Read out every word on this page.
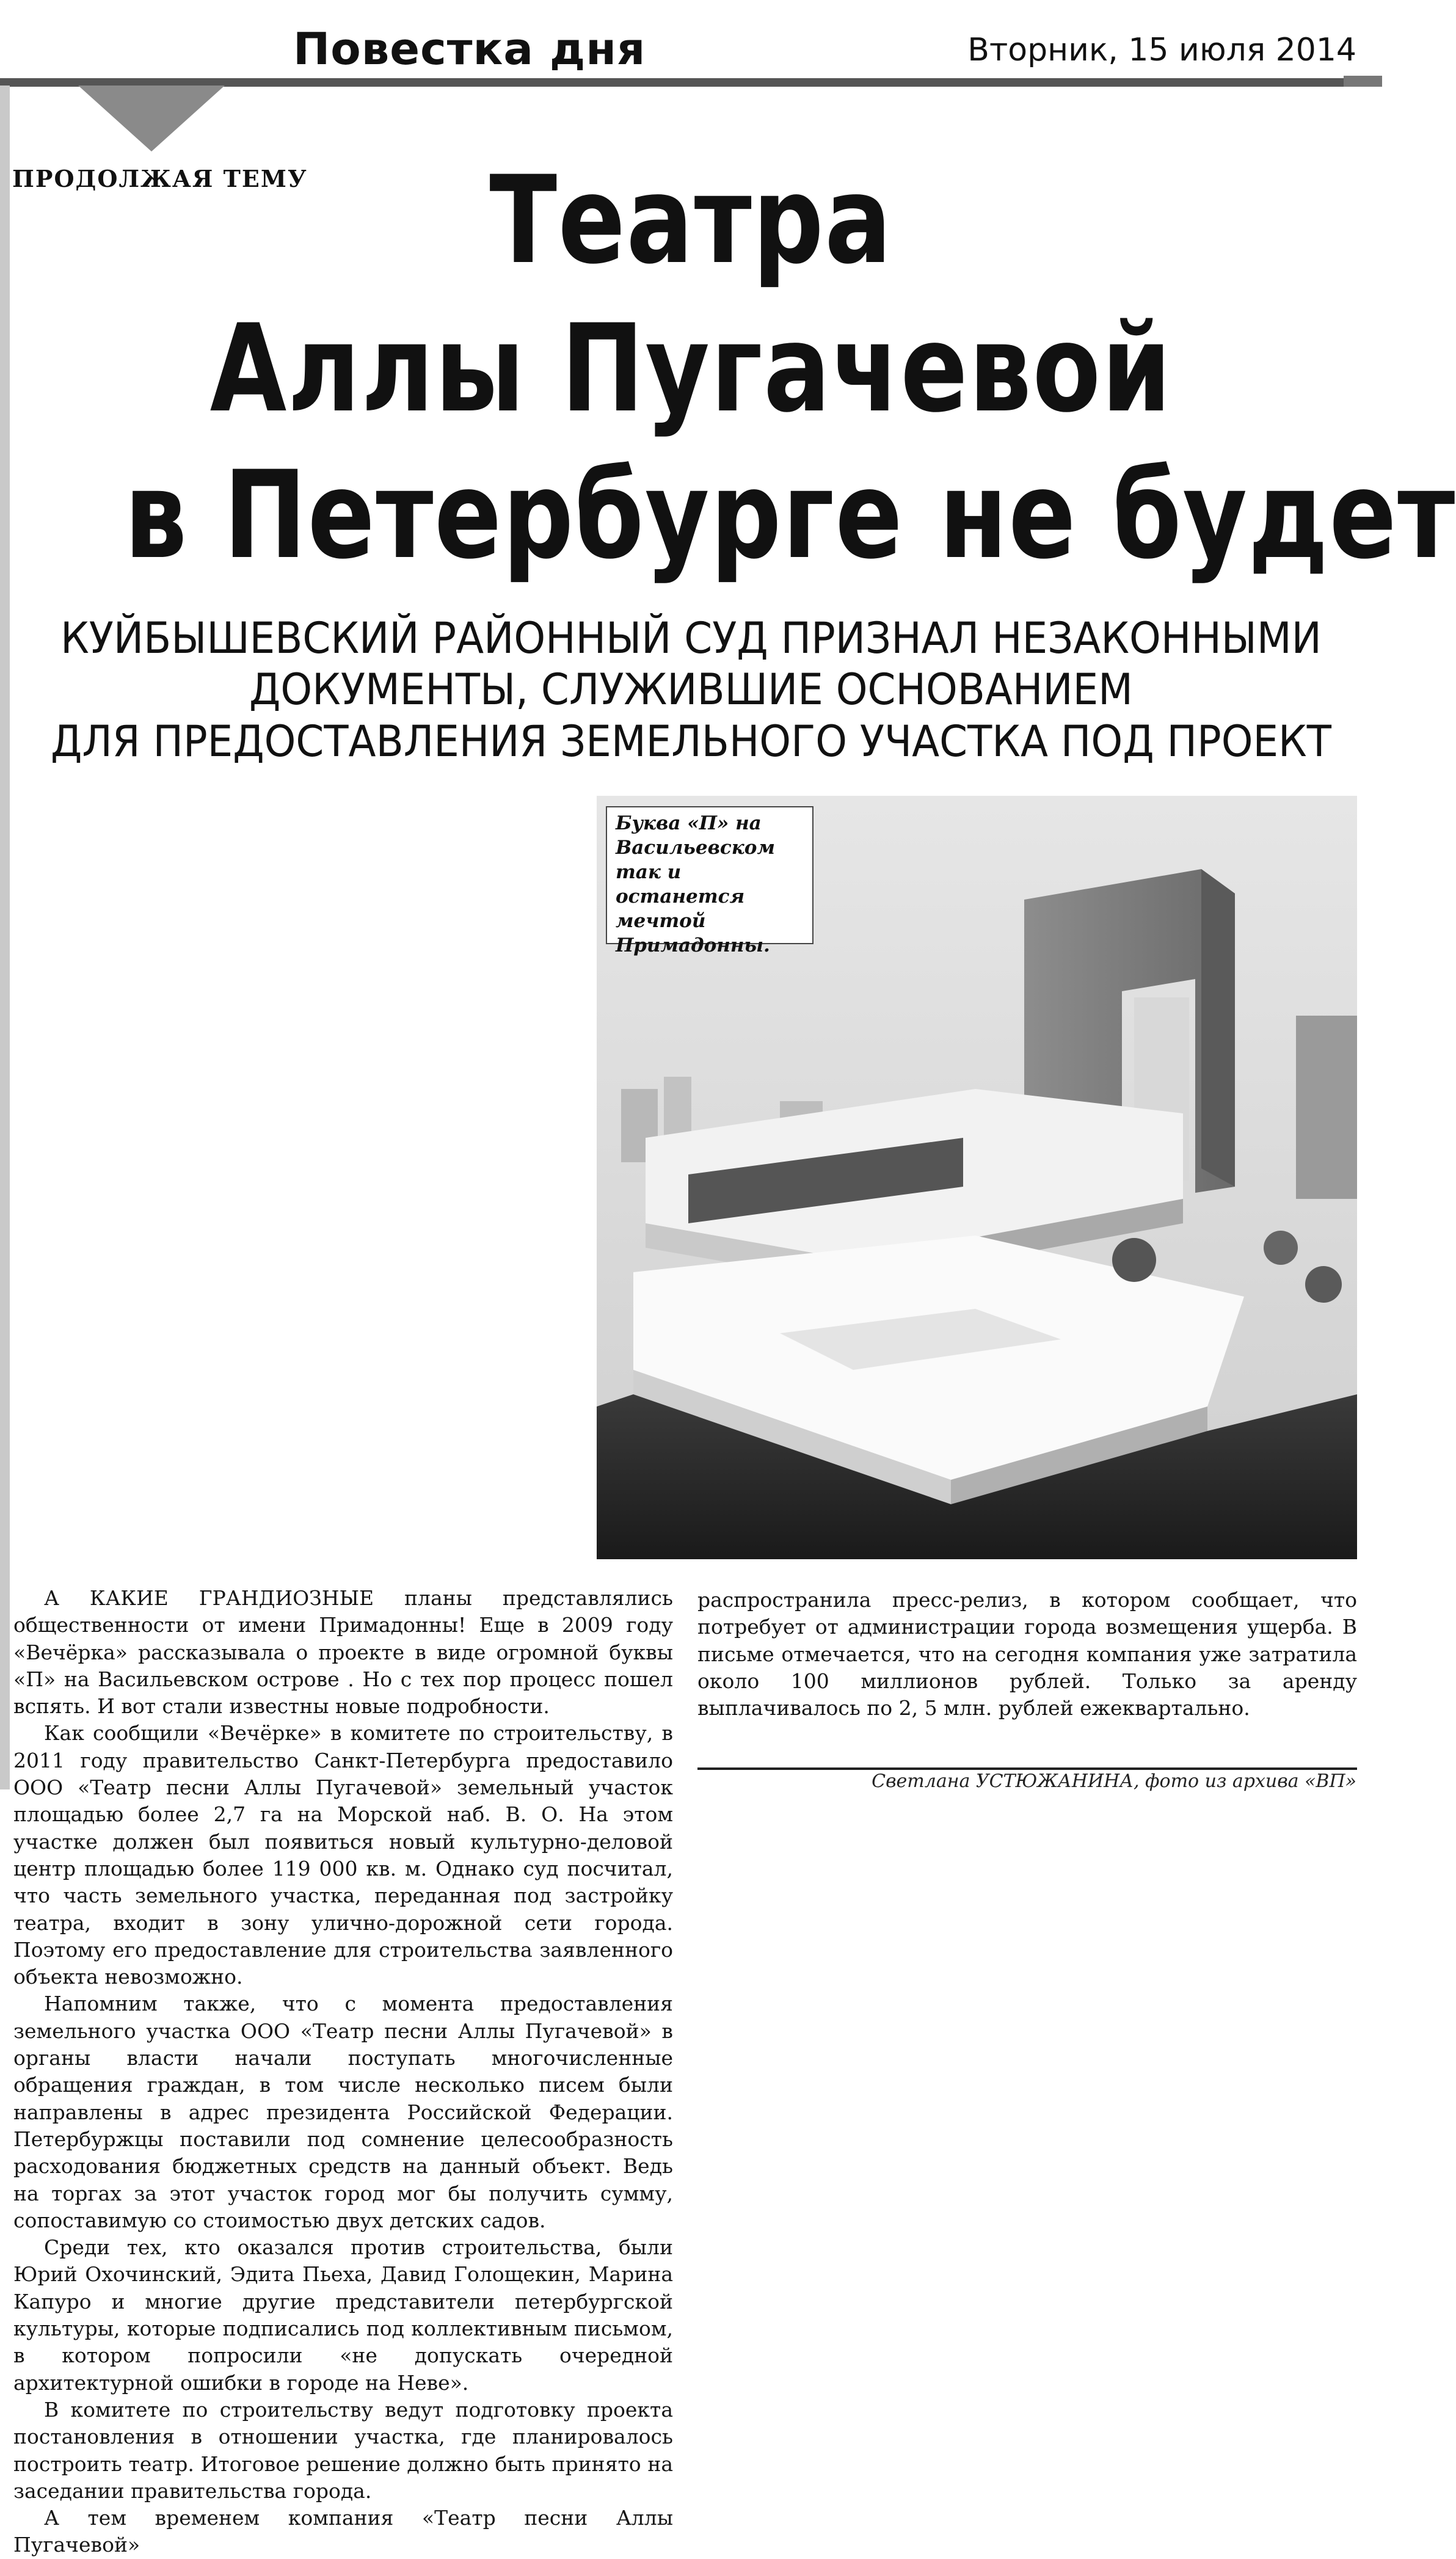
Повестка дня	Вторник, 15 июля 2014
ПРОДОЛЖАЯ ТЕМУ	Театра
Аллы Пугачевой
в Петербурге не будет
КУЙБЫШЕВСКИЙ РАЙОННЫЙ СУД ПРИЗНАЛ НЕЗАКОННЫМИ
ДОКУМЕНТЫ, СЛУЖИВШИЕ ОСНОВАНИЕМ
ДЛЯ ПРЕДОСТАВЛЕНИЯ ЗЕМЕЛЬНОГО УЧАСТКА ПОД ПРОЕКТ

А КАКИЕ ГРАНДИОЗНЫЕ планы представлялись общественности от имени Примадонны! Еще в 2009 году «Вечёрка» рассказывала о проекте в виде огромной буквы «П» на Васильевском острове . Но с тех пор процесс пошел вспять. И вот стали известны новые подробности.

Как сообщили «Вечёрке» в комитете по строительству, в 2011 году правительство Санкт-Петербурга предоставило ООО «Театр песни Аллы Пугачевой» земельный участок площадью более 2,7 га на Морской наб. В. О. На этом участке должен был появиться новый культурно-деловой центр площадью более 119 000 кв. м. Однако суд посчитал, что часть земельного участка, переданная под застройку театра, входит в зону улично-дорожной сети города. Поэтому его предоставление для строительства заявленного объекта невозможно.

Напомним также, что с момента предоставления земельного участка ООО «Театр песни Аллы Пугачевой» в органы власти начали поступать многочисленные обращения граждан, в том числе несколько писем были направлены в адрес президента Российской Федерации. Петербуржцы поставили под сомнение целесообразность расходования бюджетных средств на данный объект. Ведь на торгах за этот участок город мог бы получить сумму, сопоставимую со стоимостью двух детских садов.

Среди тех, кто оказался против строительства, были Юрий Охочинский, Эдита Пьеха, Давид Голощекин, Марина Капуро и многие другие представители петербургской культуры, которые подписались под коллективным письмом, в котором попросили «не допускать очередной архитектурной ошибки в городе на Неве».

В комитете по строительству ведут подготовку проекта постановления в отношении участка, где планировалось построить театр. Итоговое решение должно быть принято на заседании правительства города.

А тем временем компания «Театр песни Аллы Пугачевой»

Буква «П» на Васильевском так и останется мечтой Примадонны.

распространила пресс-релиз, в котором сообщает, что потребует от администрации города возмещения ущерба. В письме отмечается, что на сегодня компания уже затратила около 100 миллионов рублей. Только за аренду выплачивалось по 2, 5 млн. рублей ежеквартально.

Светлана УСТЮЖАНИНА, фото из архива «ВП»
